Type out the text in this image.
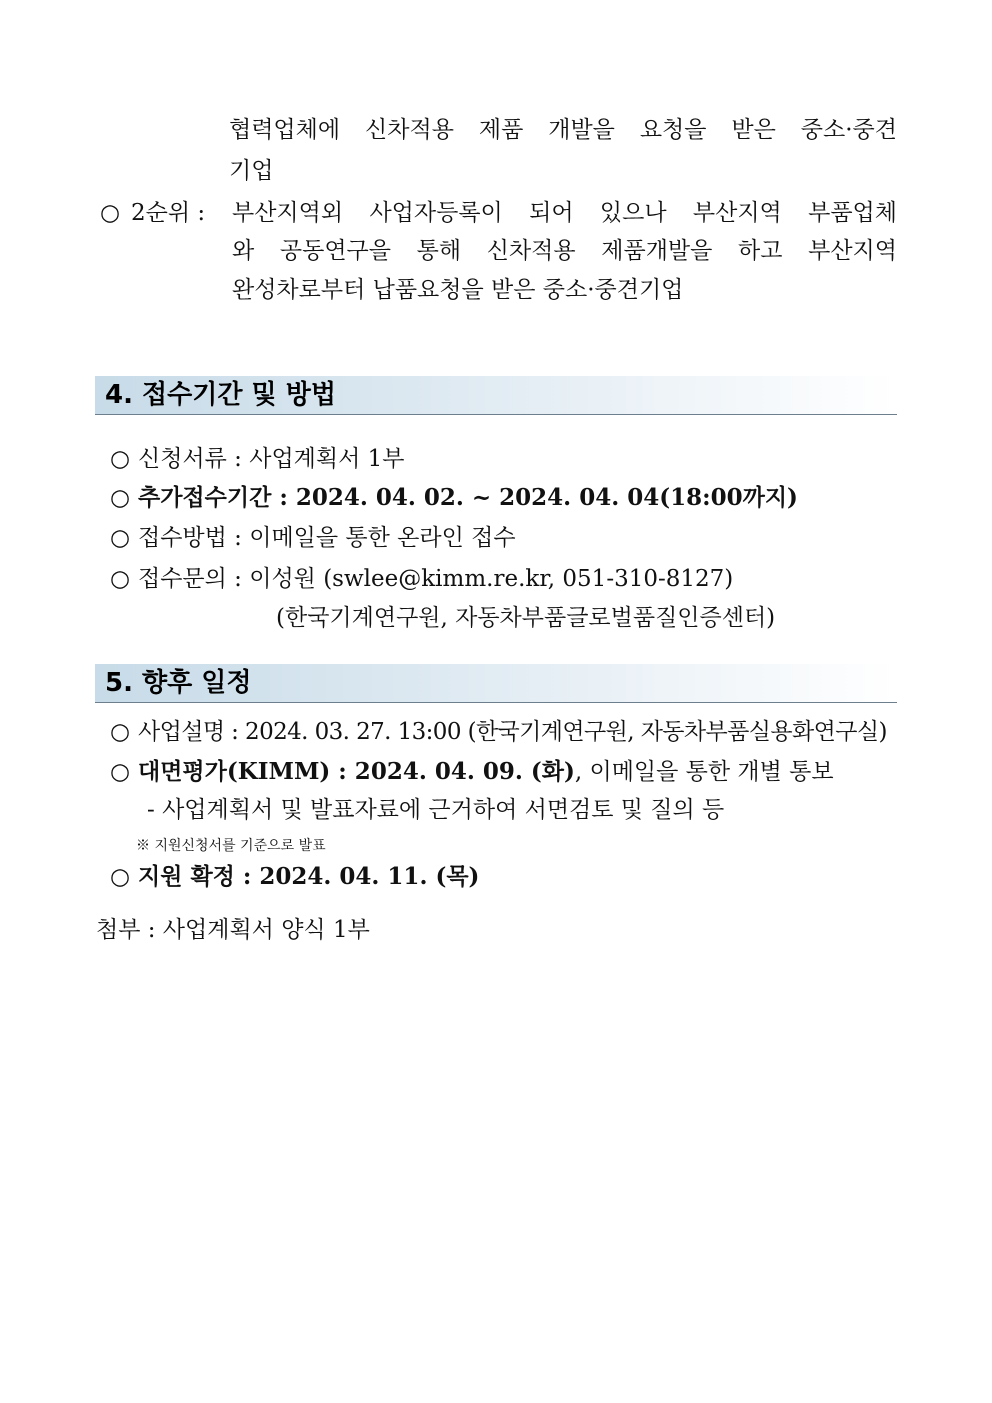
협력업체에 신차적용 제품 개발을 요청을 받은 중소·중견
기업
○ 2순위 : 부산지역외 사업자등록이 되어 있으나 부산지역 부품업체
와 공동연구을 통해 신차적용 제품개발을 하고 부산지역
완성차로부터 납품요청을 받은 중소·중견기업
4. 접수기간 및 방법
○ 신청서류 : 사업계획서 1부
○ 추가접수기간 : 2024. 04. 02. ~ 2024. 04. 04(18:00까지)
○ 접수방법 : 이메일을 통한 온라인 접수
○ 접수문의 : 이성원 (swlee@kimm.re.kr, 051-310-8127)
(한국기계연구원, 자동차부품글로벌품질인증센터)
5. 향후 일정
○ 사업설명 : 2024. 03. 27. 13:00 (한국기계연구원, 자동차부품실용화연구실)
○ 대면평가(KIMM) : 2024. 04. 09. (화), 이메일을 통한 개별 통보
- 사업계획서 및 발표자료에 근거하여 서면검토 및 질의 등
※ 지원신청서를 기준으로 발표
○ 지원 확정 : 2024. 04. 11. (목)
첨부 : 사업계획서 양식 1부
